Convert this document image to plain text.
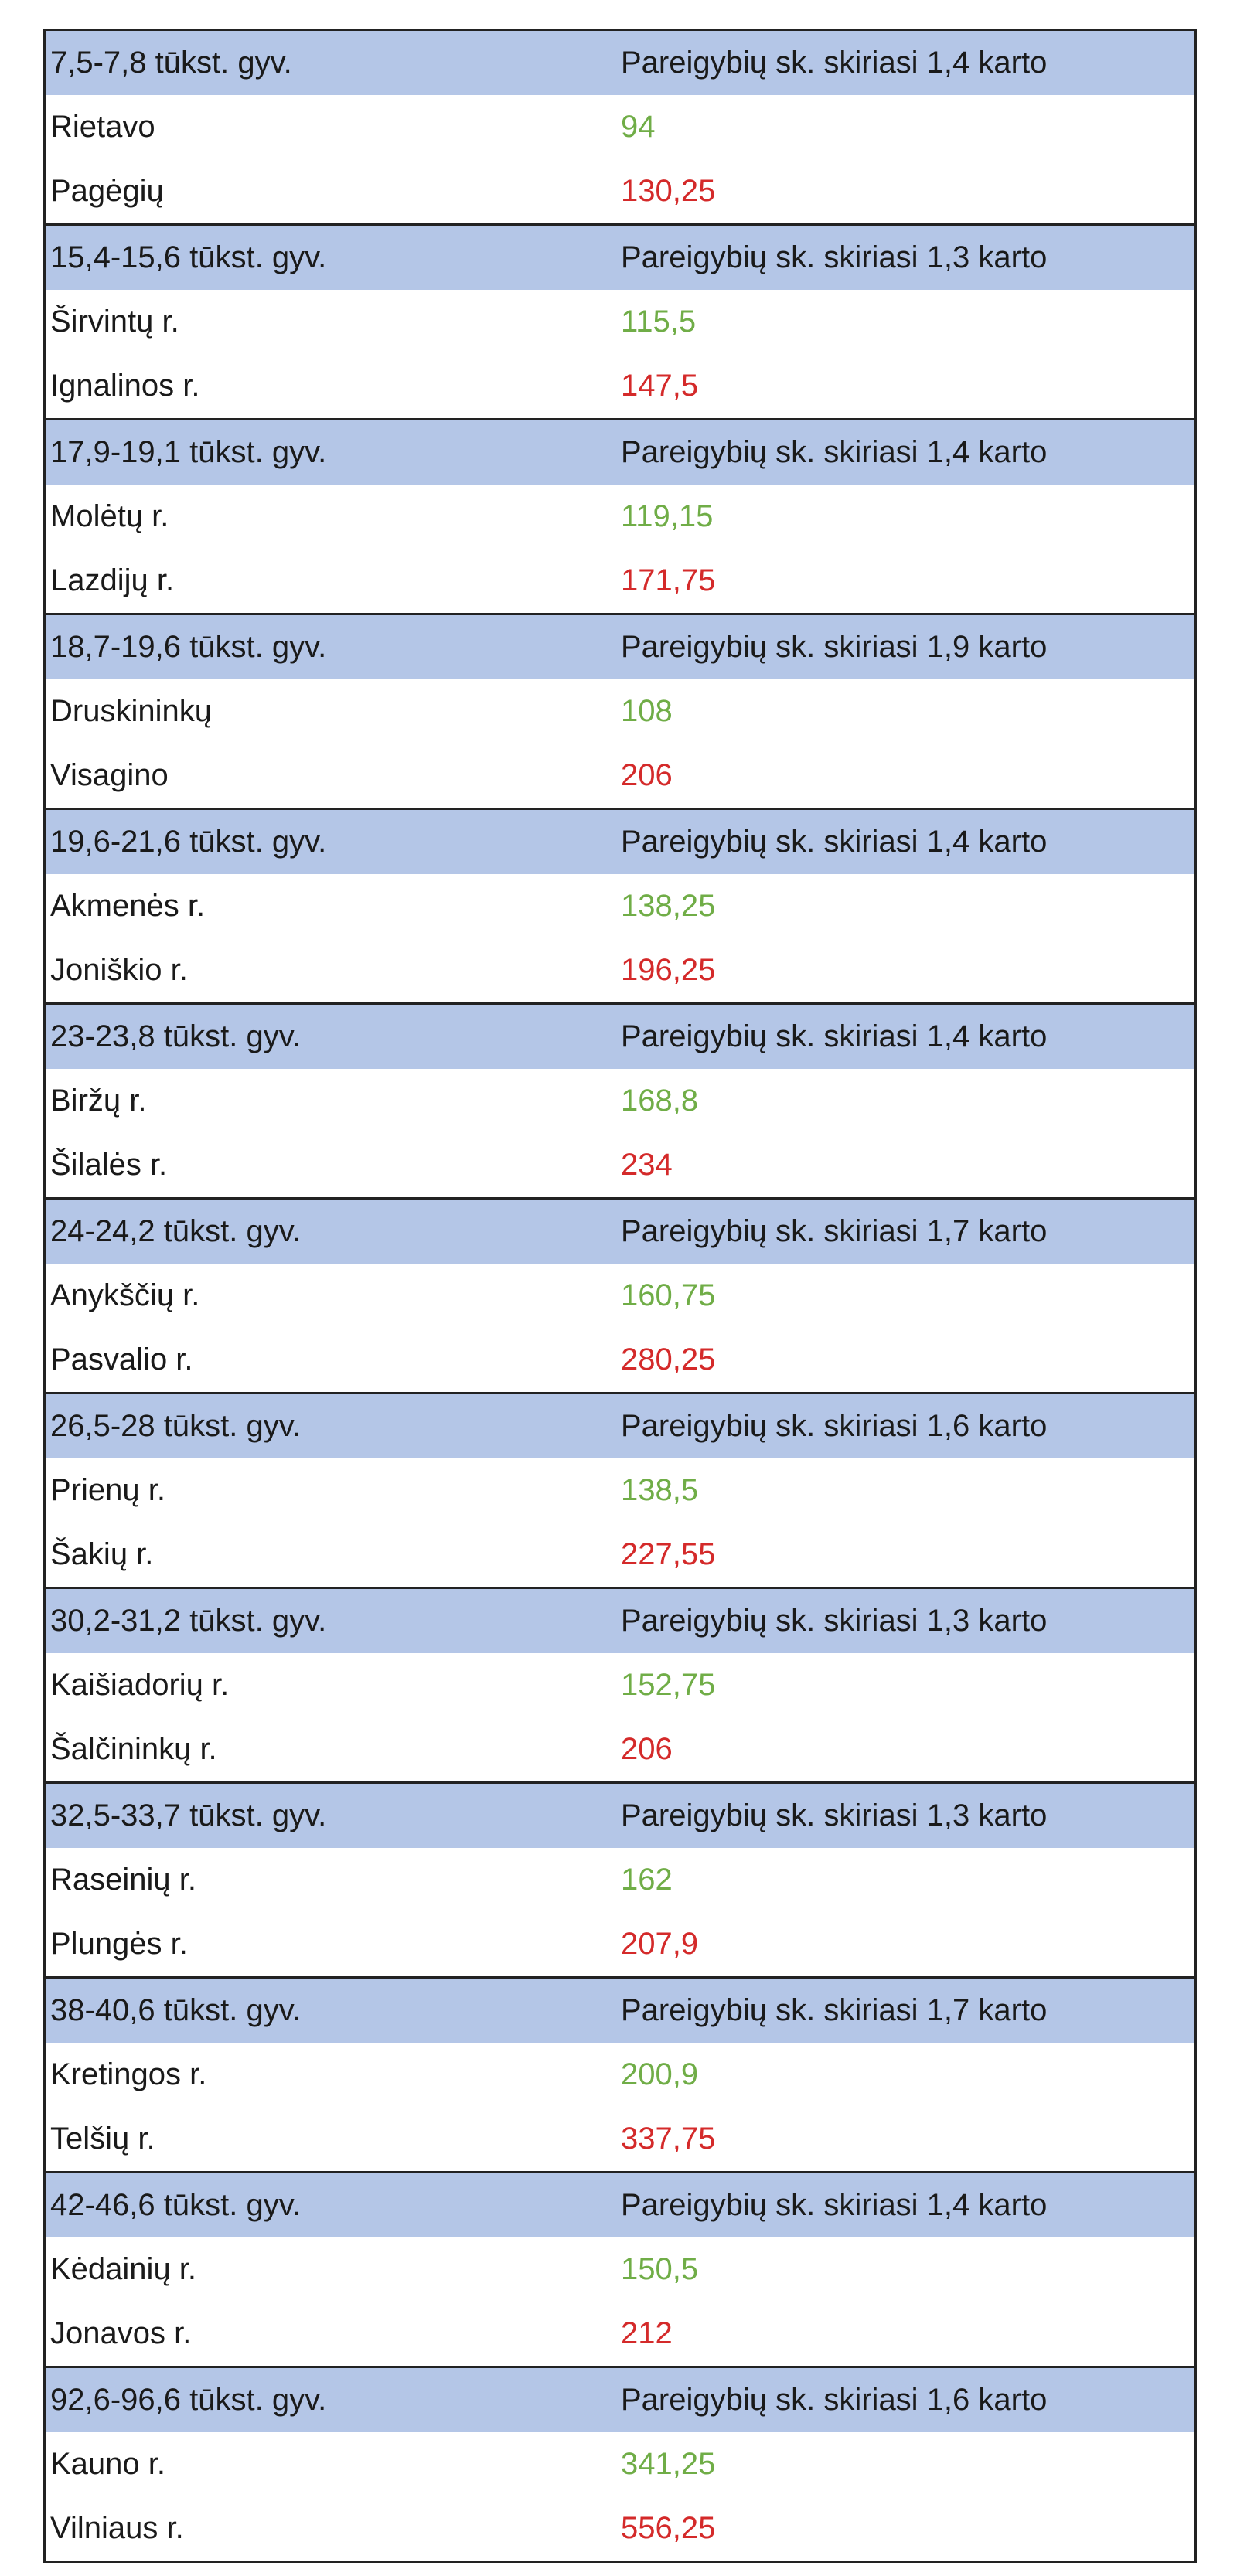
7,5-7,8 tūkst. gyv.	Pareigybių sk. skiriasi 1,4 karto
Rietavo	94
Pagėgių	130,25
15,4-15,6 tūkst. gyv.	Pareigybių sk. skiriasi 1,3 karto
Širvintų r.	115,5
Ignalinos r.	147,5
17,9-19,1 tūkst. gyv.	Pareigybių sk. skiriasi 1,4 karto
Molėtų r.	119,15
Lazdijų r.	171,75
18,7-19,6 tūkst. gyv.	Pareigybių sk. skiriasi 1,9 karto
Druskininkų	108
Visagino	206
19,6-21,6 tūkst. gyv.	Pareigybių sk. skiriasi 1,4 karto
Akmenės r.	138,25
Joniškio r.	196,25
23-23,8 tūkst. gyv.	Pareigybių sk. skiriasi 1,4 karto
Biržų r.	168,8
Šilalės r.	234
24-24,2 tūkst. gyv.	Pareigybių sk. skiriasi 1,7 karto
Anykščių r.	160,75
Pasvalio r.	280,25
26,5-28 tūkst. gyv.	Pareigybių sk. skiriasi 1,6 karto
Prienų r.	138,5
Šakių r.	227,55
30,2-31,2 tūkst. gyv.	Pareigybių sk. skiriasi 1,3 karto
Kaišiadorių r.	152,75
Šalčininkų r.	206
32,5-33,7 tūkst. gyv.	Pareigybių sk. skiriasi 1,3 karto
Raseinių r.	162
Plungės r.	207,9
38-40,6 tūkst. gyv.	Pareigybių sk. skiriasi 1,7 karto
Kretingos r.	200,9
Telšių r.	337,75
42-46,6 tūkst. gyv.	Pareigybių sk. skiriasi 1,4 karto
Kėdainių r.	150,5
Jonavos r.	212
92,6-96,6 tūkst. gyv.	Pareigybių sk. skiriasi 1,6 karto
Kauno r.	341,25
Vilniaus r.	556,25
